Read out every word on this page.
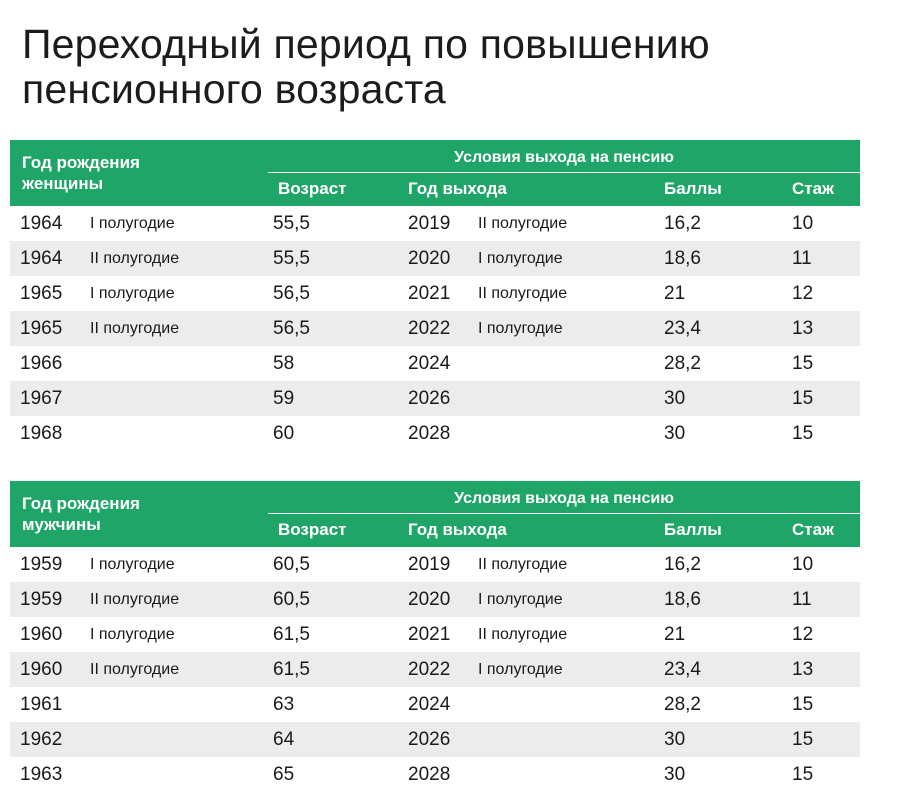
Переходный период по повышению
пенсионного возраста
Год рождения
женщины
Условия выхода на пенсию
Возраст	Год выхода	Баллы	Стаж
1964 I полугодие	55,5	2019 II полугодие	16,2	10
1964 II полугодие	55,5	2020 I полугодие	18,6	11
1965 I полугодие	56,5	2021 II полугодие	21	12
1965 II полугодие	56,5	2022 I полугодие	23,4	13
1966	58	2024	28,2	15
1967	59	2026	30	15
1968	60	2028	30	15
Год рождения
мужчины
Условия выхода на пенсию
Возраст	Год выхода	Баллы	Стаж
1959 I полугодие	60,5	2019 II полугодие	16,2	10
1959 II полугодие	60,5	2020 I полугодие	18,6	11
1960 I полугодие	61,5	2021 II полугодие	21	12
1960 II полугодие	61,5	2022 I полугодие	23,4	13
1961	63	2024	28,2	15
1962	64	2026	30	15
1963	65	2028	30	15
